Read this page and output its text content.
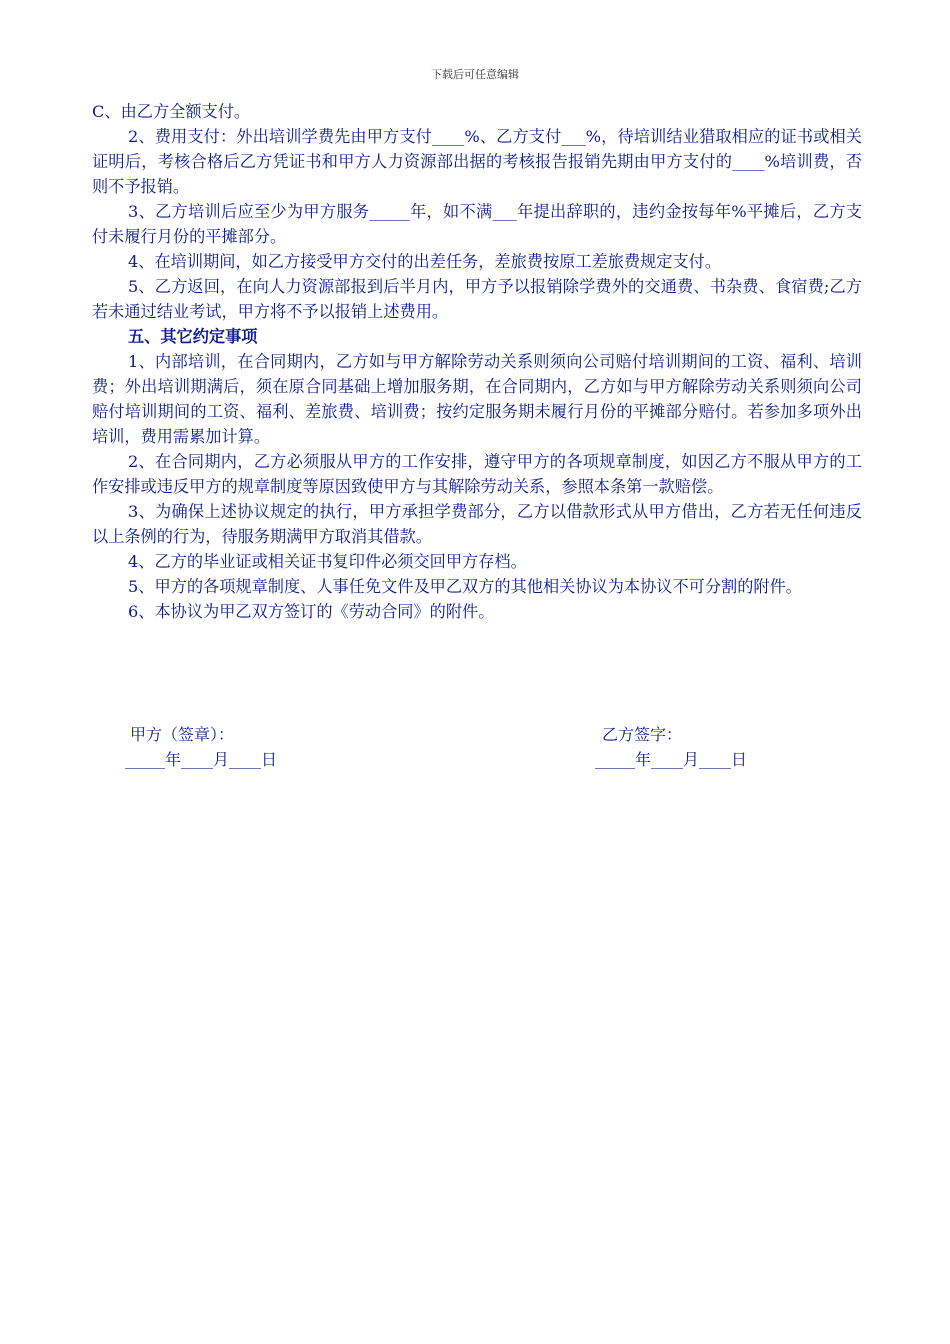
下载后可任意编辑

C、由乙方全额支付。

2、费用支付：外出培训学费先由甲方支付____%、乙方支付___%，待培训结业猎取相应的证书或相关证明后，考核合格后乙方凭证书和甲方人力资源部出据的考核报告报销先期由甲方支付的____%培训费，否则不予报销。

3、乙方培训后应至少为甲方服务_____年，如不满___年提出辞职的，违约金按每年%平摊后，乙方支付未履行月份的平摊部分。

4、在培训期间，如乙方接受甲方交付的出差任务，差旅费按原工差旅费规定支付。

5、乙方返回，在向人力资源部报到后半月内，甲方予以报销除学费外的交通费、书杂费、食宿费;乙方若未通过结业考试，甲方将不予以报销上述费用。

五、其它约定事项

1、内部培训，在合同期内，乙方如与甲方解除劳动关系则须向公司赔付培训期间的工资、福利、培训费；外出培训期满后，须在原合同基础上增加服务期，在合同期内，乙方如与甲方解除劳动关系则须向公司赔付培训期间的工资、福利、差旅费、培训费；按约定服务期未履行月份的平摊部分赔付。若参加多项外出培训，费用需累加计算。

2、在合同期内，乙方必须服从甲方的工作安排，遵守甲方的各项规章制度，如因乙方不服从甲方的工作安排或违反甲方的规章制度等原因致使甲方与其解除劳动关系，参照本条第一款赔偿。

3、为确保上述协议规定的执行，甲方承担学费部分，乙方以借款形式从甲方借出，乙方若无任何违反以上条例的行为，待服务期满甲方取消其借款。

4、乙方的毕业证或相关证书复印件必须交回甲方存档。

5、甲方的各项规章制度、人事任免文件及甲乙双方的其他相关协议为本协议不可分割的附件。

6、本协议为甲乙双方签订的《劳动合同》的附件。

甲方（签章）：
_____年____月____日
乙方签字：
_____年____月____日
